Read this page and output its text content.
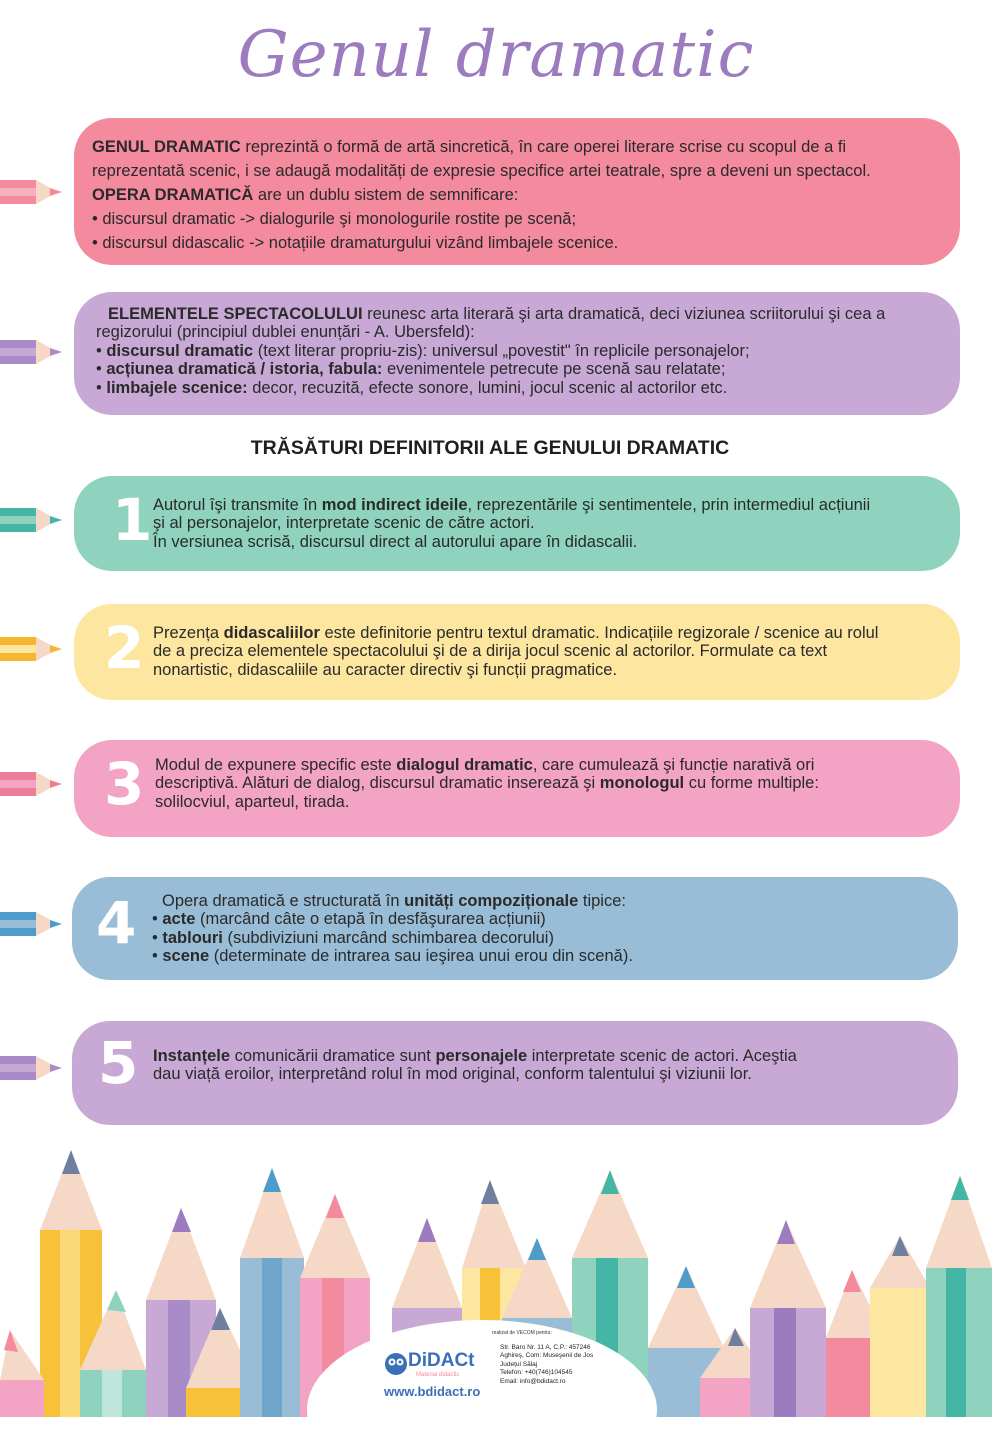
Genul dramatic
GENUL DRAMATIC reprezintă o formă de artă sincretică, în care operei literare scrise cu scopul de a fi
reprezentată scenic, i se adaugă modalități de expresie specifice artei teatrale, spre a deveni un spectacol.
OPERA DRAMATICĂ are un dublu sistem de semnificare:
• discursul dramatic -> dialogurile şi monologurile rostite pe scenă;
• discursul didascalic -> notațiile dramaturgului vizând limbajele scenice.
ELEMENTELE SPECTACOLULUI reunesc arta literară şi arta dramatică, deci viziunea scriitorului şi cea a
regizorului (principiul dublei enunțări - A. Ubersfeld):
• discursul dramatic (text literar propriu-zis): universul „povestit" în replicile personajelor;
• acțiunea dramatică / istoria, fabula: evenimentele petrecute pe scenă sau relatate;
• limbajele scenice: decor, recuzită, efecte sonore, lumini, jocul scenic al actorilor etc.
TRĂSĂTURI DEFINITORII ALE GENULUI DRAMATIC
1 Autorul îşi transmite în mod indirect ideile, reprezentările şi sentimentele, prin intermediul acțiunii
şi al personajelor, interpretate scenic de către actori.
În versiunea scrisă, discursul direct al autorului apare în didascalii.
2 Prezența didascaliilor este definitorie pentru textul dramatic. Indicațiile regizorale / scenice au rolul
de a preciza elementele spectacolului şi de a dirija jocul scenic al actorilor. Formulate ca text
nonartistic, didascaliile au caracter directiv şi funcții pragmatice.
3 Modul de expunere specific este dialogul dramatic, care cumulează şi funcție narativă ori
descriptivă. Alături de dialog, discursul dramatic inserează şi monologul cu forme multiple:
solilocviul, aparteul, tirada.
4	Opera dramatică e structurată în unități compoziționale tipice:
• acte (marcând câte o etapă în desfăşurarea acțiunii)
• tablouri (subdiviziuni marcând schimbarea decorului)
• scene (determinate de intrarea sau ieşirea unui erou din scenă).
5 Instanțele comunicării dramatice sunt personajele interpretate scenic de actori. Aceştia
dau viață eroilor, interpretând rolul în mod original, conform talentului şi viziunii lor.
realizat de VECOM pentru:
DiDACt
Material didactic
www.bdidact.ro
Str. Baro Nr. 11 A, C.P.: 457246
Aghireş, Com: Museşenii de Jos
Județul Sălaj
Telefon: +40(746)104545
Email: info@bdidact.ro
